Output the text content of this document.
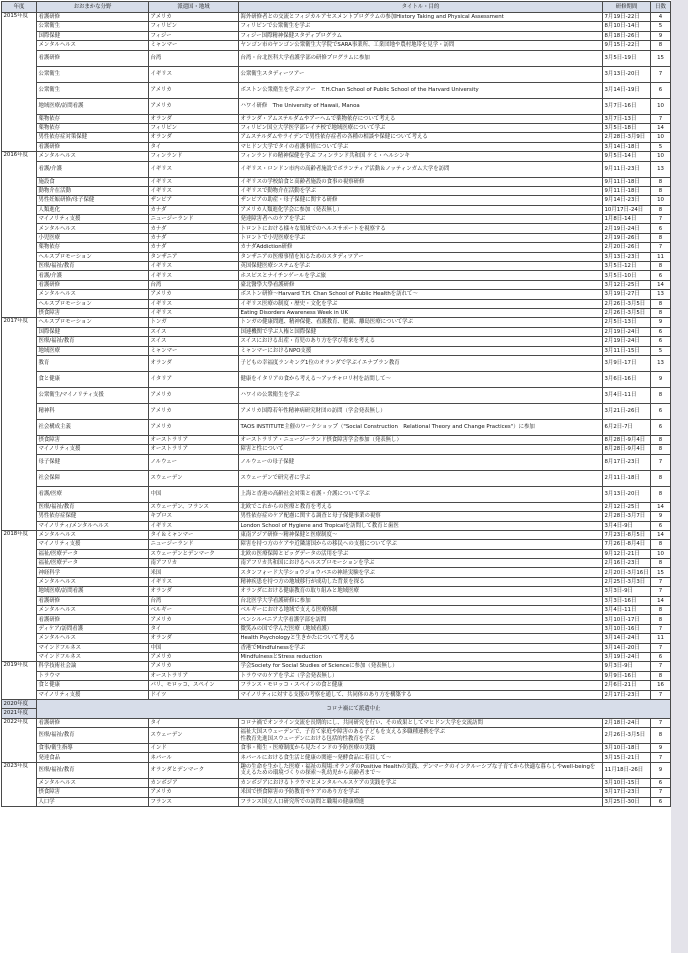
年度	おおまかな分野	派遣国・地域	タイトル・目的	研修期間	日数
2015年度	看護研修	アメリカ	海外研修者との交流とフィジカルアセスメントプログラムの参加History Taking and Physical Assessment	7月19日-22日	4
	公衆衛生	フィリピン	フィリピンで公衆衛生を学ぶ	8月10日-14日	5
	国際保健	フィジー	フィジー国際精神保健スタディプログラム	8月18日-26日	9
	メンタルヘルス	ミャンマー	ヤンゴン市のヤンゴン公衆衛生大学院でSARA事業所、工業団地や農村地帯を見学・訪問	9月15日-22日	8
	看護研修	台湾	台湾・台北医科大学看護学部の研修プログラムに参加	3月5日-19日	15
	公衆衛生	イギリス	公衆衛生スタディーツアー	3月13日-20日	7
	公衆衛生	アメリカ	ボストン公衆衛生を学ぶツアー　T.H.Chan School of Public School of the Harvard University	3月14日-19日	6
	地域医療/訪問看護	アメリカ	ハワイ研修　The University of Hawaii, Manoa	3月7日-16日	10
	薬物依存	オランダ	オランダ・アムステルダムやアーヘムで薬物依存について考える	3月7日-13日	7
	薬物依存	フィリピン	フィリピン国立大学医学部レイテ校で地域医療について学ぶ	3月5日-18日	14
	男性依存症対策保健	オランダ	アムステルダムやライデンで男性依存症者の各種の相談や保健について考える	2月28日-3月9日	10
	看護研修	タイ	マヒドン大学でタイの看護事情について学ぶ	3月14日-18日	5
2016年度	メンタルヘルス	フィンランド	フィンランドの精神保健を学ぶ フィンランド共和国 ケミ・ヘルシンキ	9月5日-14日	10
	看護/介護	イギリス	イギリス・ロンドン市内の高齢者施設でボランティア活動＆ノッティンガム大学を訪問	9月11日-23日	13
	施設食	イギリス	イギリスの学校給食と高齢者施設の食事の視察研修	9月11日-18日	8
	動物介在活動	イギリス	イギリスで動物介在活動を学ぶ	9月11日-18日	8
	男性妊娠研修/母子保健	ザンビア	ザンビアの助産・母子保健に関する研修	9月14日-23日	10
	人類進化	カナダ	アメリカ人類進化学会に参加（発表無し）	10月17日-24日	8
	マイノリティ支援	ニュージーランド	発達障害者へのケアを学ぶ	1月8日-14日	7
	メンタルヘルス	カナダ	トロントにおける様々な領域でのヘルスサポートを視察する	2月19日-24日	6
	小児医療	カナダ	トロントで小児医療を学ぶ	2月19日-26日	8
	薬物依存	カナダ	カナダAddiction研修	2月20日-26日	7
	ヘルスプロモーション	タンザニア	タンザニアの医療事情を知るためのスタディツアー	3月13日-23日	11
	医療/福祉/教育	イギリス	英国保健医療システムを学ぶ	3月5日-12日	8
	看護/介護	イギリス	ホスピスとナイチンゲールを学ぶ旅	3月5日-10日	6
	看護研修	台湾	臺北醫學大學看護研修	3月12日-25日	14
	メンタルヘルス	アメリカ	ボストン研修～Harvard T.H. Chan School of Public Healthを訪れて～	3月19日-27日	13
	ヘルスプロモーション	イギリス	イギリス医療の制度・歴史・文化を学ぶ	2月26日-3月5日	8
	摂食障害	イギリス	Eating Disorders Awareness Week in UK	2月26日-3月5日	8
2017年度	ヘルスプロモーション	トンガ	トンガの健康問題、精神保健、看護教育、肥満、離島医療について学ぶ	2月5日-13日	9
	国際保健	スイス	国連機関で学ぶ人権と国際保健	2月19日-24日	6
	医療/福祉/教育	スイス	スイスにおける出産・育児のあり方を学び将来を考える	2月19日-24日	6
	地域医療	ミャンマー	ミャンマーにおけるNPO支援	3月11日-15日	5
	教育	オランダ	子どもの幸福度ランキング1位のオランダで学ぶイエナプラン教育	3月9日-17日	13
	食と健康	イタリア	健康をイタリアの食から考える～アッチャロリ村を訪問して～	3月6日-16日	9
	公衆衛生/マイノリティ支援	アメリカ	ハワイの公衆衛生を学ぶ	3月4日-11日	8
	精神科	アメリカ	アメリカ国際若年性精神病研究財団の訪問（学会発表無し）	3月21日-26日	6
	社会構成主義	アメリカ	TAOS INSTITUTE主催のワークショップ（"Social Construction　Relational Theory and Change Practices"）に参加	6月2日-7日	6
	摂食障害	オーストラリア	オーストラリア・ニュージーランド摂食障害学会参加（発表無し）	8月28日-9月4日	8
	マイノリティ支援	オーストラリア	障害と性について	8月28日-9月4日	8
	母子保健	ノルウェー	ノルウェーの母子保健	8月17日-23日	7
	社会保障	スウェーデン	スウェーデンで研究者に学ぶ	2月11日-18日	8
	看護/医療	中国	上海と香港の高齢社会対策と看護・介護について学ぶ	3月13日-20日	8
	医療/福祉/教育	スウェーデン、フランス	北欧でこれからの医療と教育を考える	2月12日-25日	14
	男性依存症保健	キプロス	男性依存症のケア配慮に関する調査と母子保健事業の視察	2月28日-3月7日	9
	マイノリティ/メンタルヘルス	イギリス	London School of Hygiene and Tropicalを訪問して教育と歯医	3月4日-9日	6
2018年度	メンタルヘルス	タイ＆ミャンマー	東南アジア研修～精神保健と医療制度～	7月23日-8月5日	14
	マイノリティ支援	ニュージーランド	障害を持つ方のケアや近隣諸国からの移民への支援について学ぶ	7月26日-8月4日	8
	福祉/医療データ	スウェーデンとデンマーク	北欧の医療保障とビッグデータの活用を学ぶ	9月12日-21日	10
	福祉/医療データ	南アフリカ	南アフリカ共和国におけるヘルスプロモーションを学ぶ	2月16日-23日	8
	神経科学	米国	スタンフォード大学ショウジョウバエの神経実験を学ぶ	2月20日-3月16日	15
	メンタルヘルス	イギリス	精神疾患を持つ方の地域移行が成功した背景を探る	2月25日-3月3日	7
	地域医療/訪問看護	オランダ	オランダにおける健康教育の取り組みと地域医療	3月3日-9日	7
	看護研修	台湾	台北医学大学看護研修に参加	3月3日-16日	14
	メンタルヘルス	ベルギー	ベルギーにおける地域で支える医療体制	3月4日-11日	8
	看護研修	アメリカ	ペンシルバニア大学看護学部を訪問	3月10日-17日	8
	ディケア/訪問看護	タイ	微笑みの国で学んだ医療（地域看護）	3月10日-16日	7
	メンタルヘルス	オランダ	Health Psychologyと生きかたについて考える	3月14日-24日	11
	マインドフルネス	中国	香港でMindfulnessを学ぶ	3月14日-20日	7
	マインドフルネス	アメリカ	MindfulnessとStress reduction	3月19日-24日	6
2019年度	科学技術社会論	アメリカ	学会Society for Social Studies of Scienceに参加（発表無し）	9月3日-9日	7
	トラウマ	オーストラリア	トラウマのケアを学ぶ（学会発表無し）	9月9日-16日	8
	食と健康	パリ、モロッコ、スペイン	フランス・モロッコ・スペインの食と健康	2月6日-21日	16
	マイノリティ支援	ドイツ	マイノリティに対する支援の考察を通して、共同体のあり方を構築する	2月17日-23日	7
2020年度	コロナ禍にて派遣中止				
2021年度					
2022年度	看護研修	タイ	コロナ禍でオンライン交流を長期的にし、共同研究を行い、その成果としてマヒドン大学を交流訪問	2月18日-24日	7
	医療/福祉/教育	スウェーデン	福祉大国スウェーデンで、子育て家庭や障害のある子どもを支える多職種連携を学ぶ
性教育先進国スウェーデンにおける包括的性教育を学ぶ	2月26日-3月5日	8
	食事/衛生指導	インド	食事・衛生・医療制度から見たインドの予防医療の実践	3月10日-18日	9
	発達食品	ネパール	ネパールにおける食生活と健康の関連～発酵食品に着目して～	3月15日-21日	7
2023年度	医療/福祉/教育	オランダとデンマーク	趣の生命を生かした医療・福祉の現場:オランダのPositive Healthの実践、デンマークのインクルーシブな子育てから快適な暮らしやwell-beingを支えるための環境づくりの探索～乳幼児から高齢者まで～	11月18日-26日	9
	メンタルヘルス	カンボジア	カンボジアにおけるトラウマとメンタルヘルスケアの実践を学ぶ	3月10日-15日	6
	摂食障害	アメリカ	米国で摂食障害の予防教育やケアのあり方を学ぶ	3月17日-23日	7
	人口学	フランス	フランス国立人口研究所での訪問と職場の健康増進	3月25日-30日	6
